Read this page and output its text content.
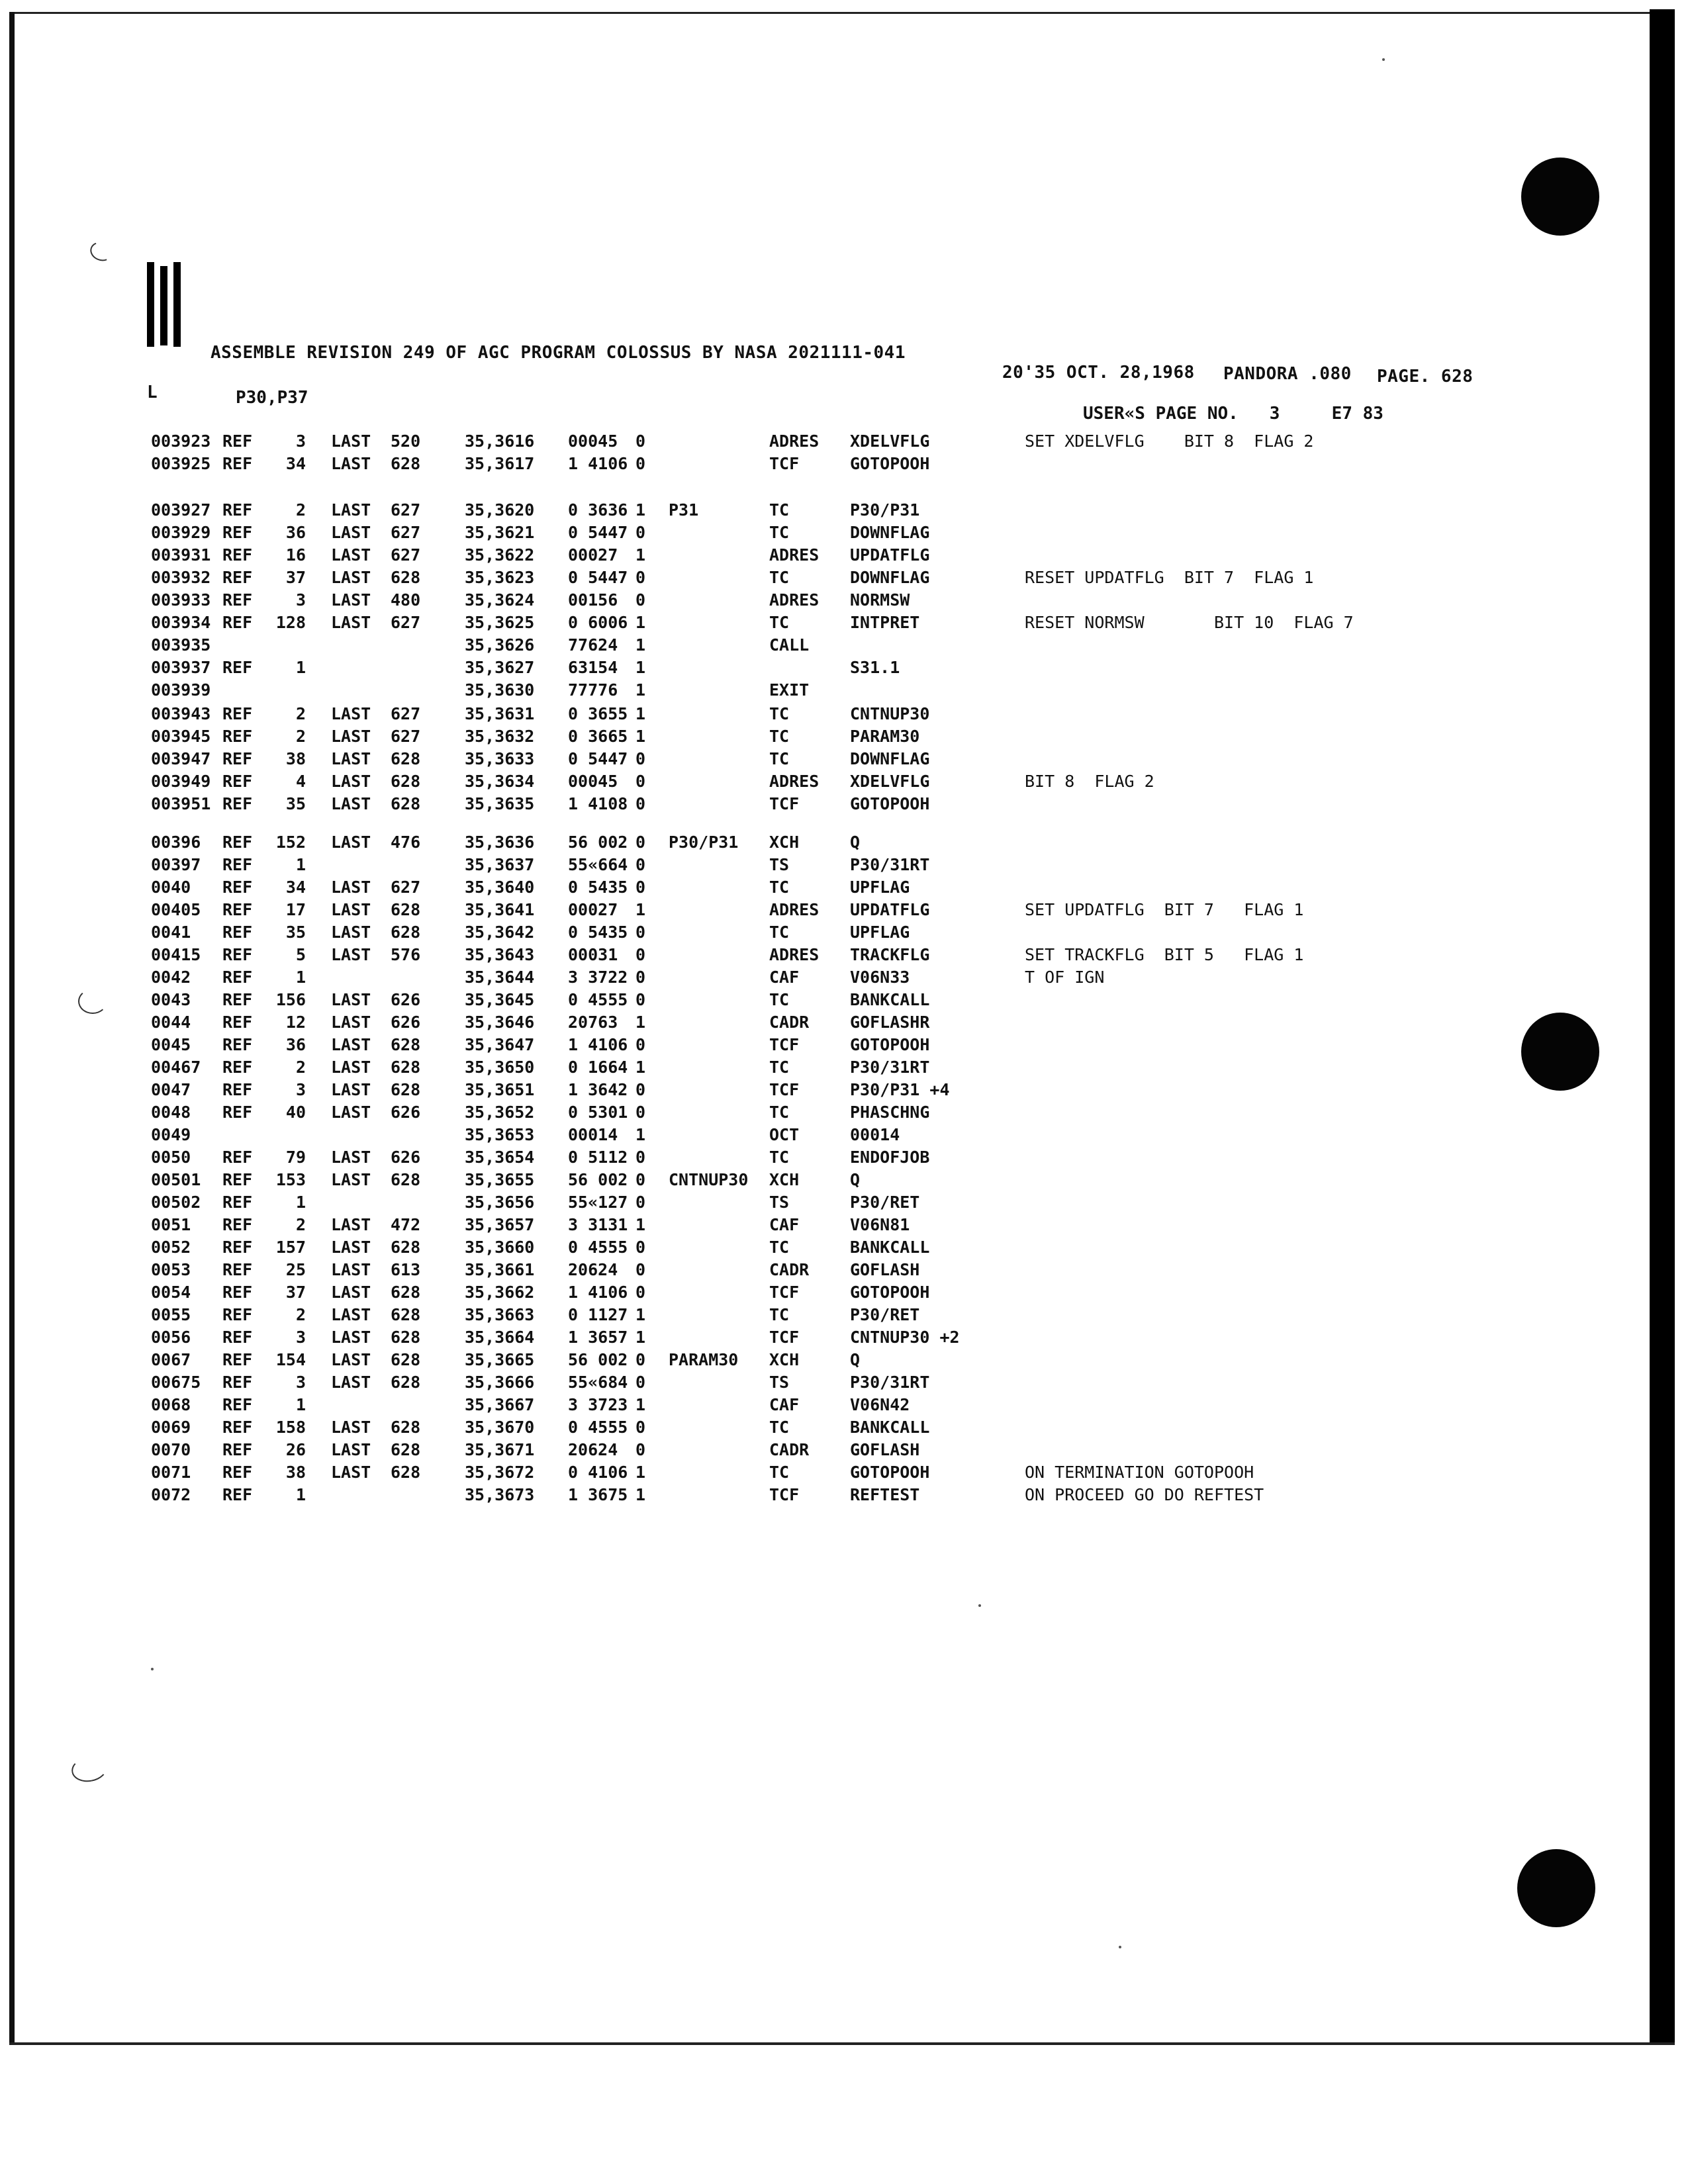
ASSEMBLE REVISION 249 OF AGC PROGRAM COLOSSUS BY NASA 2021111-041
20'35 OCT. 28,1968 PANDORA .080 PAGE. 628
L	P30,P37
USER«S PAGE NO.   3     E7 83
003923 REF	3 LAST 520	35,3616 00045 0	ADRES XDELVFLG	SET XDELVFLG    BIT 8  FLAG 2
003925 REF	34 LAST 628	35,3617 1 4106 0	TCF	GOTOPOOH
003927 REF	2 LAST 627	35,3620 0 3636 1 P31	TC	P30/P31
003929 REF	36 LAST 627	35,3621 0 5447 0	TC	DOWNFLAG
003931 REF	16 LAST 627	35,3622 00027 1	ADRES UPDATFLG
003932 REF	37 LAST 628	35,3623 0 5447 0	TC	DOWNFLAG	RESET UPDATFLG  BIT 7  FLAG 1
003933 REF	3 LAST 480	35,3624 00156 0	ADRES NORMSW
003934 REF	128 LAST 627	35,3625 0 6006 1	TC	INTPRET	RESET NORMSW       BIT 10  FLAG 7
003935	35,3626 77624 1	CALL
003937 REF	1	35,3627 63154 1	S31.1
003939	35,3630 77776 1	EXIT
003943 REF	2 LAST 627	35,3631 0 3655 1	TC	CNTNUP30
003945 REF	2 LAST 627	35,3632 0 3665 1	TC	PARAM30
003947 REF	38 LAST 628	35,3633 0 5447 0	TC	DOWNFLAG
003949 REF	4 LAST 628	35,3634 00045 0	ADRES XDELVFLG	BIT 8  FLAG 2
003951 REF	35 LAST 628	35,3635 1 4108 0	TCF	GOTOPOOH
00396 REF	152 LAST 476	35,3636 56 002 0 P30/P31 XCH	Q
00397 REF	1	35,3637 55«664 0	TS	P30/31RT
0040 REF	34 LAST 627	35,3640 0 5435 0	TC	UPFLAG
00405 REF	17 LAST 628	35,3641 00027 1	ADRES UPDATFLG	SET UPDATFLG  BIT 7   FLAG 1
0041 REF	35 LAST 628	35,3642 0 5435 0	TC	UPFLAG
00415 REF	5 LAST 576	35,3643 00031 0	ADRES TRACKFLG	SET TRACKFLG  BIT 5   FLAG 1
0042 REF	1	35,3644 3 3722 0	CAF	V06N33	T OF IGN
0043 REF	156 LAST 626	35,3645 0 4555 0	TC	BANKCALL
0044 REF	12 LAST 626	35,3646 20763 1	CADR GOFLASHR
0045 REF	36 LAST 628	35,3647 1 4106 0	TCF	GOTOPOOH
00467 REF	2 LAST 628	35,3650 0 1664 1	TC	P30/31RT
0047 REF	3 LAST 628	35,3651 1 3642 0	TCF	P30/P31 +4
0048 REF	40 LAST 626	35,3652 0 5301 0	TC	PHASCHNG
0049	35,3653 00014 1	OCT	00014
0050 REF	79 LAST 626	35,3654 0 5112 0	TC	ENDOFJOB
00501 REF	153 LAST 628	35,3655 56 002 0 CNTNUP30 XCH	Q
00502 REF	1	35,3656 55«127 0	TS	P30/RET
0051 REF	2 LAST 472	35,3657 3 3131 1	CAF	V06N81
0052 REF	157 LAST 628	35,3660 0 4555 0	TC	BANKCALL
0053 REF	25 LAST 613	35,3661 20624 0	CADR GOFLASH
0054 REF	37 LAST 628	35,3662 1 4106 0	TCF	GOTOPOOH
0055 REF	2 LAST 628	35,3663 0 1127 1	TC	P30/RET
0056 REF	3 LAST 628	35,3664 1 3657 1	TCF	CNTNUP30 +2
0067 REF	154 LAST 628	35,3665 56 002 0 PARAM30 XCH	Q
00675 REF	3 LAST 628	35,3666 55«684 0	TS	P30/31RT
0068 REF	1	35,3667 3 3723 1	CAF	V06N42
0069 REF	158 LAST 628	35,3670 0 4555 0	TC	BANKCALL
0070 REF	26 LAST 628	35,3671 20624 0	CADR GOFLASH
0071 REF	38 LAST 628	35,3672 0 4106 1	TC	GOTOPOOH	ON TERMINATION GOTOPOOH
0072 REF	1	35,3673 1 3675 1	TCF	REFTEST	ON PROCEED GO DO REFTEST
